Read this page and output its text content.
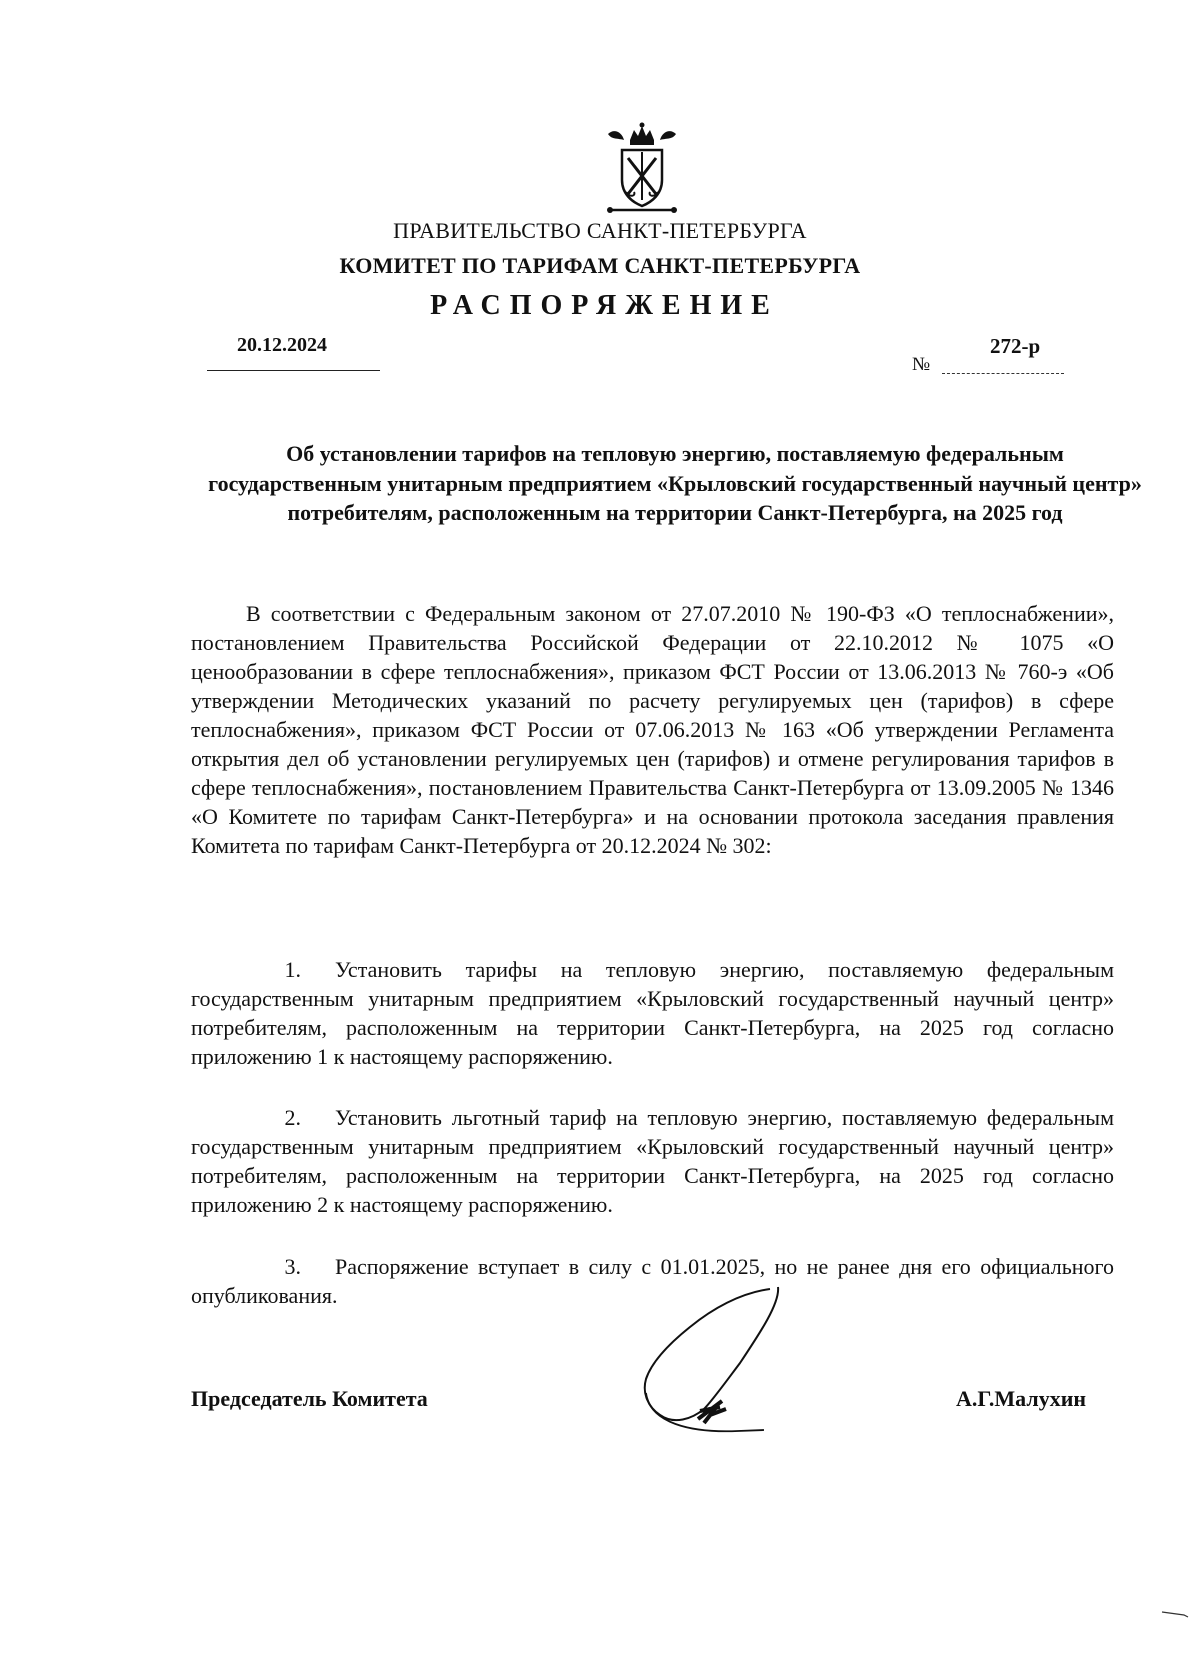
ПРАВИТЕЛЬСТВО САНКТ-ПЕТЕРБУРГА
КОМИТЕТ ПО ТАРИФАМ САНКТ-ПЕТЕРБУРГА
РАСПОРЯЖЕНИЕ
20.12.2024
№
272-р
Об установлении тарифов на тепловую энергию, поставляемую федеральным государственным унитарным предприятием «Крыловский государственный научный центр» потребителям, расположенным на территории Санкт-Петербурга, на 2025 год
В соответствии с Федеральным законом от 27.07.2010 № 190-ФЗ «О теплоснабжении», постановлением Правительства Российской Федерации от 22.10.2012 № 1075 «О ценообразовании в сфере теплоснабжения», приказом ФСТ России от 13.06.2013 № 760-э «Об утверждении Методических указаний по расчету регулируемых цен (тарифов) в сфере теплоснабжения», приказом ФСТ России от 07.06.2013 № 163 «Об утверждении Регламента открытия дел об установлении регулируемых цен (тарифов) и отмене регулирования тарифов в сфере теплоснабжения», постановлением Правительства Санкт-Петербурга от 13.09.2005 № 1346 «О Комитете по тарифам Санкт-Петербурга» и на основании протокола заседания правления Комитета по тарифам Санкт-Петербурга от 20.12.2024 № 302:
1. Установить тарифы на тепловую энергию, поставляемую федеральным государственным унитарным предприятием «Крыловский государственный научный центр» потребителям, расположенным на территории Санкт-Петербурга, на 2025 год согласно приложению 1 к настоящему распоряжению.
2. Установить льготный тариф на тепловую энергию, поставляемую федеральным государственным унитарным предприятием «Крыловский государственный научный центр» потребителям, расположенным на территории Санкт-Петербурга, на 2025 год согласно приложению 2 к настоящему распоряжению.
3. Распоряжение вступает в силу с 01.01.2025, но не ранее дня его официального опубликования.
Председатель Комитета	А.Г.Малухин
